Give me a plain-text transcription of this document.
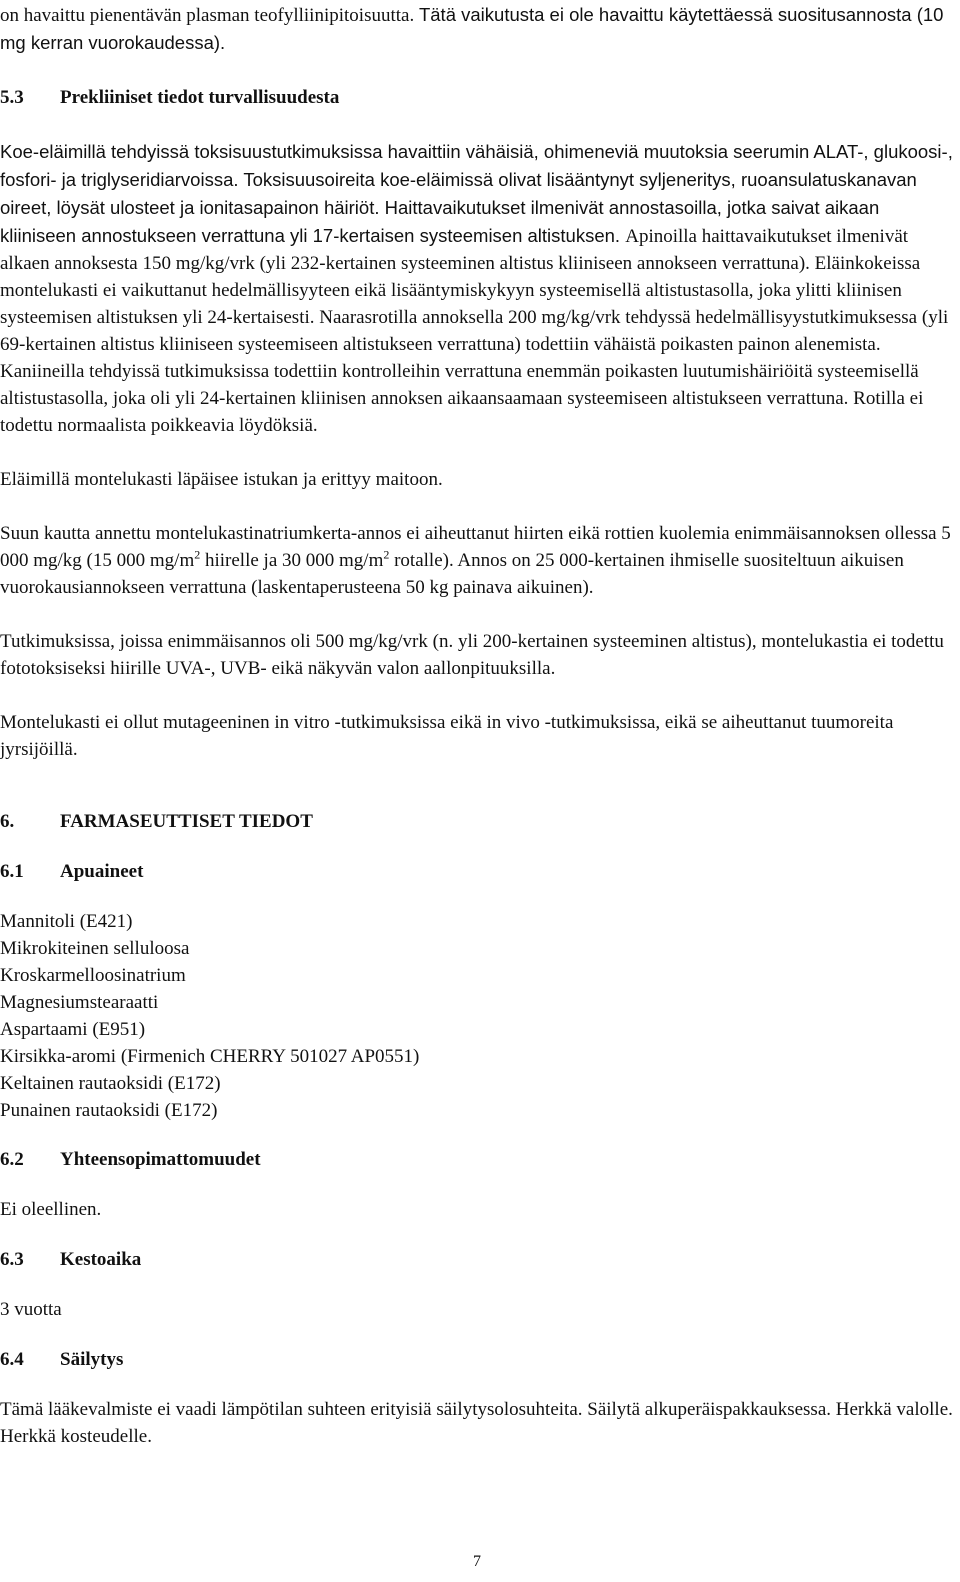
on havaittu pienentävän plasman teofylliinipitoisuutta. Tätä vaikutusta ei ole havaittu käytettäessä suositusannosta (10 mg kerran vuorokaudessa).

5.3 Prekliiniset tiedot turvallisuudesta

Koe-eläimillä tehdyissä toksisuustutkimuksissa havaittiin vähäisiä, ohimeneviä muutoksia seerumin ALAT-, glukoosi-, fosfori- ja triglyseridiarvoissa. Toksisuusoireita koe-eläimissä olivat lisääntynyt syljeneritys, ruoansulatuskanavan oireet, löysät ulosteet ja ionitasapainon häiriöt. Haittavaikutukset ilmenivät annostasoilla, jotka saivat aikaan kliiniseen annostukseen verrattuna yli 17-kertaisen systeemisen altistuksen. Apinoilla haittavaikutukset ilmenivät alkaen annoksesta 150 mg/kg/vrk (yli 232-kertainen systeeminen altistus kliiniseen annokseen verrattuna). Eläinkokeissa montelukasti ei vaikuttanut hedelmällisyyteen eikä lisääntymiskykyyn systeemisellä altistustasolla, joka ylitti kliinisen systeemisen altistuksen yli 24-kertaisesti. Naarasrotilla annoksella 200 mg/kg/vrk tehdyssä hedelmällisyystutkimuksessa (yli 69-kertainen altistus kliiniseen systeemiseen altistukseen verrattuna) todettiin vähäistä poikasten painon alenemista. Kaniineilla tehdyissä tutkimuksissa todettiin kontrolleihin verrattuna enemmän poikasten luutumishäiriöitä systeemisellä altistustasolla, joka oli yli 24-kertainen kliinisen annoksen aikaansaamaan systeemiseen altistukseen verrattuna. Rotilla ei todettu normaalista poikkeavia löydöksiä.

Eläimillä montelukasti läpäisee istukan ja erittyy maitoon.

Suun kautta annettu montelukastinatriumkerta-annos ei aiheuttanut hiirten eikä rottien kuolemia enimmäisannoksen ollessa 5 000 mg/kg (15 000 $mg/m^2$ hiirelle ja 30 000 $mg/m^2$ rotalle). Annos on 25 000-kertainen ihmiselle suositeltuun aikuisen vuorokausiannokseen verrattuna (laskentaperusteena 50 kg painava aikuinen).

Tutkimuksissa, joissa enimmäisannos oli 500 mg/kg/vrk (n. yli 200-kertainen systeeminen altistus), montelukastia ei todettu fototoksiseksi hiirille UVA-, UVB- eikä näkyvän valon aallonpituuksilla.

Montelukasti ei ollut mutageeninen in vitro -tutkimuksissa eikä in vivo -tutkimuksissa, eikä se aiheuttanut tuumoreita jyrsijöillä.

6. FARMASEUTTISET TIEDOT

6.1 Apuaineet

Mannitoli (E421)
Mikrokiteinen selluloosa
Kroskarmelloosinatrium
Magnesiumstearaatti
Aspartaami (E951)
Kirsikka-aromi (Firmenich CHERRY 501027 AP0551)
Keltainen rautaoksidi (E172)
Punainen rautaoksidi (E172)

6.2 Yhteensopimattomuudet

Ei oleellinen.

6.3 Kestoaika

3 vuotta

6.4 Säilytys

Tämä lääkevalmiste ei vaadi lämpötilan suhteen erityisiä säilytysolosuhteita. Säilytä alkuperäispakkauksessa. Herkkä valolle. Herkkä kosteudelle.

7
